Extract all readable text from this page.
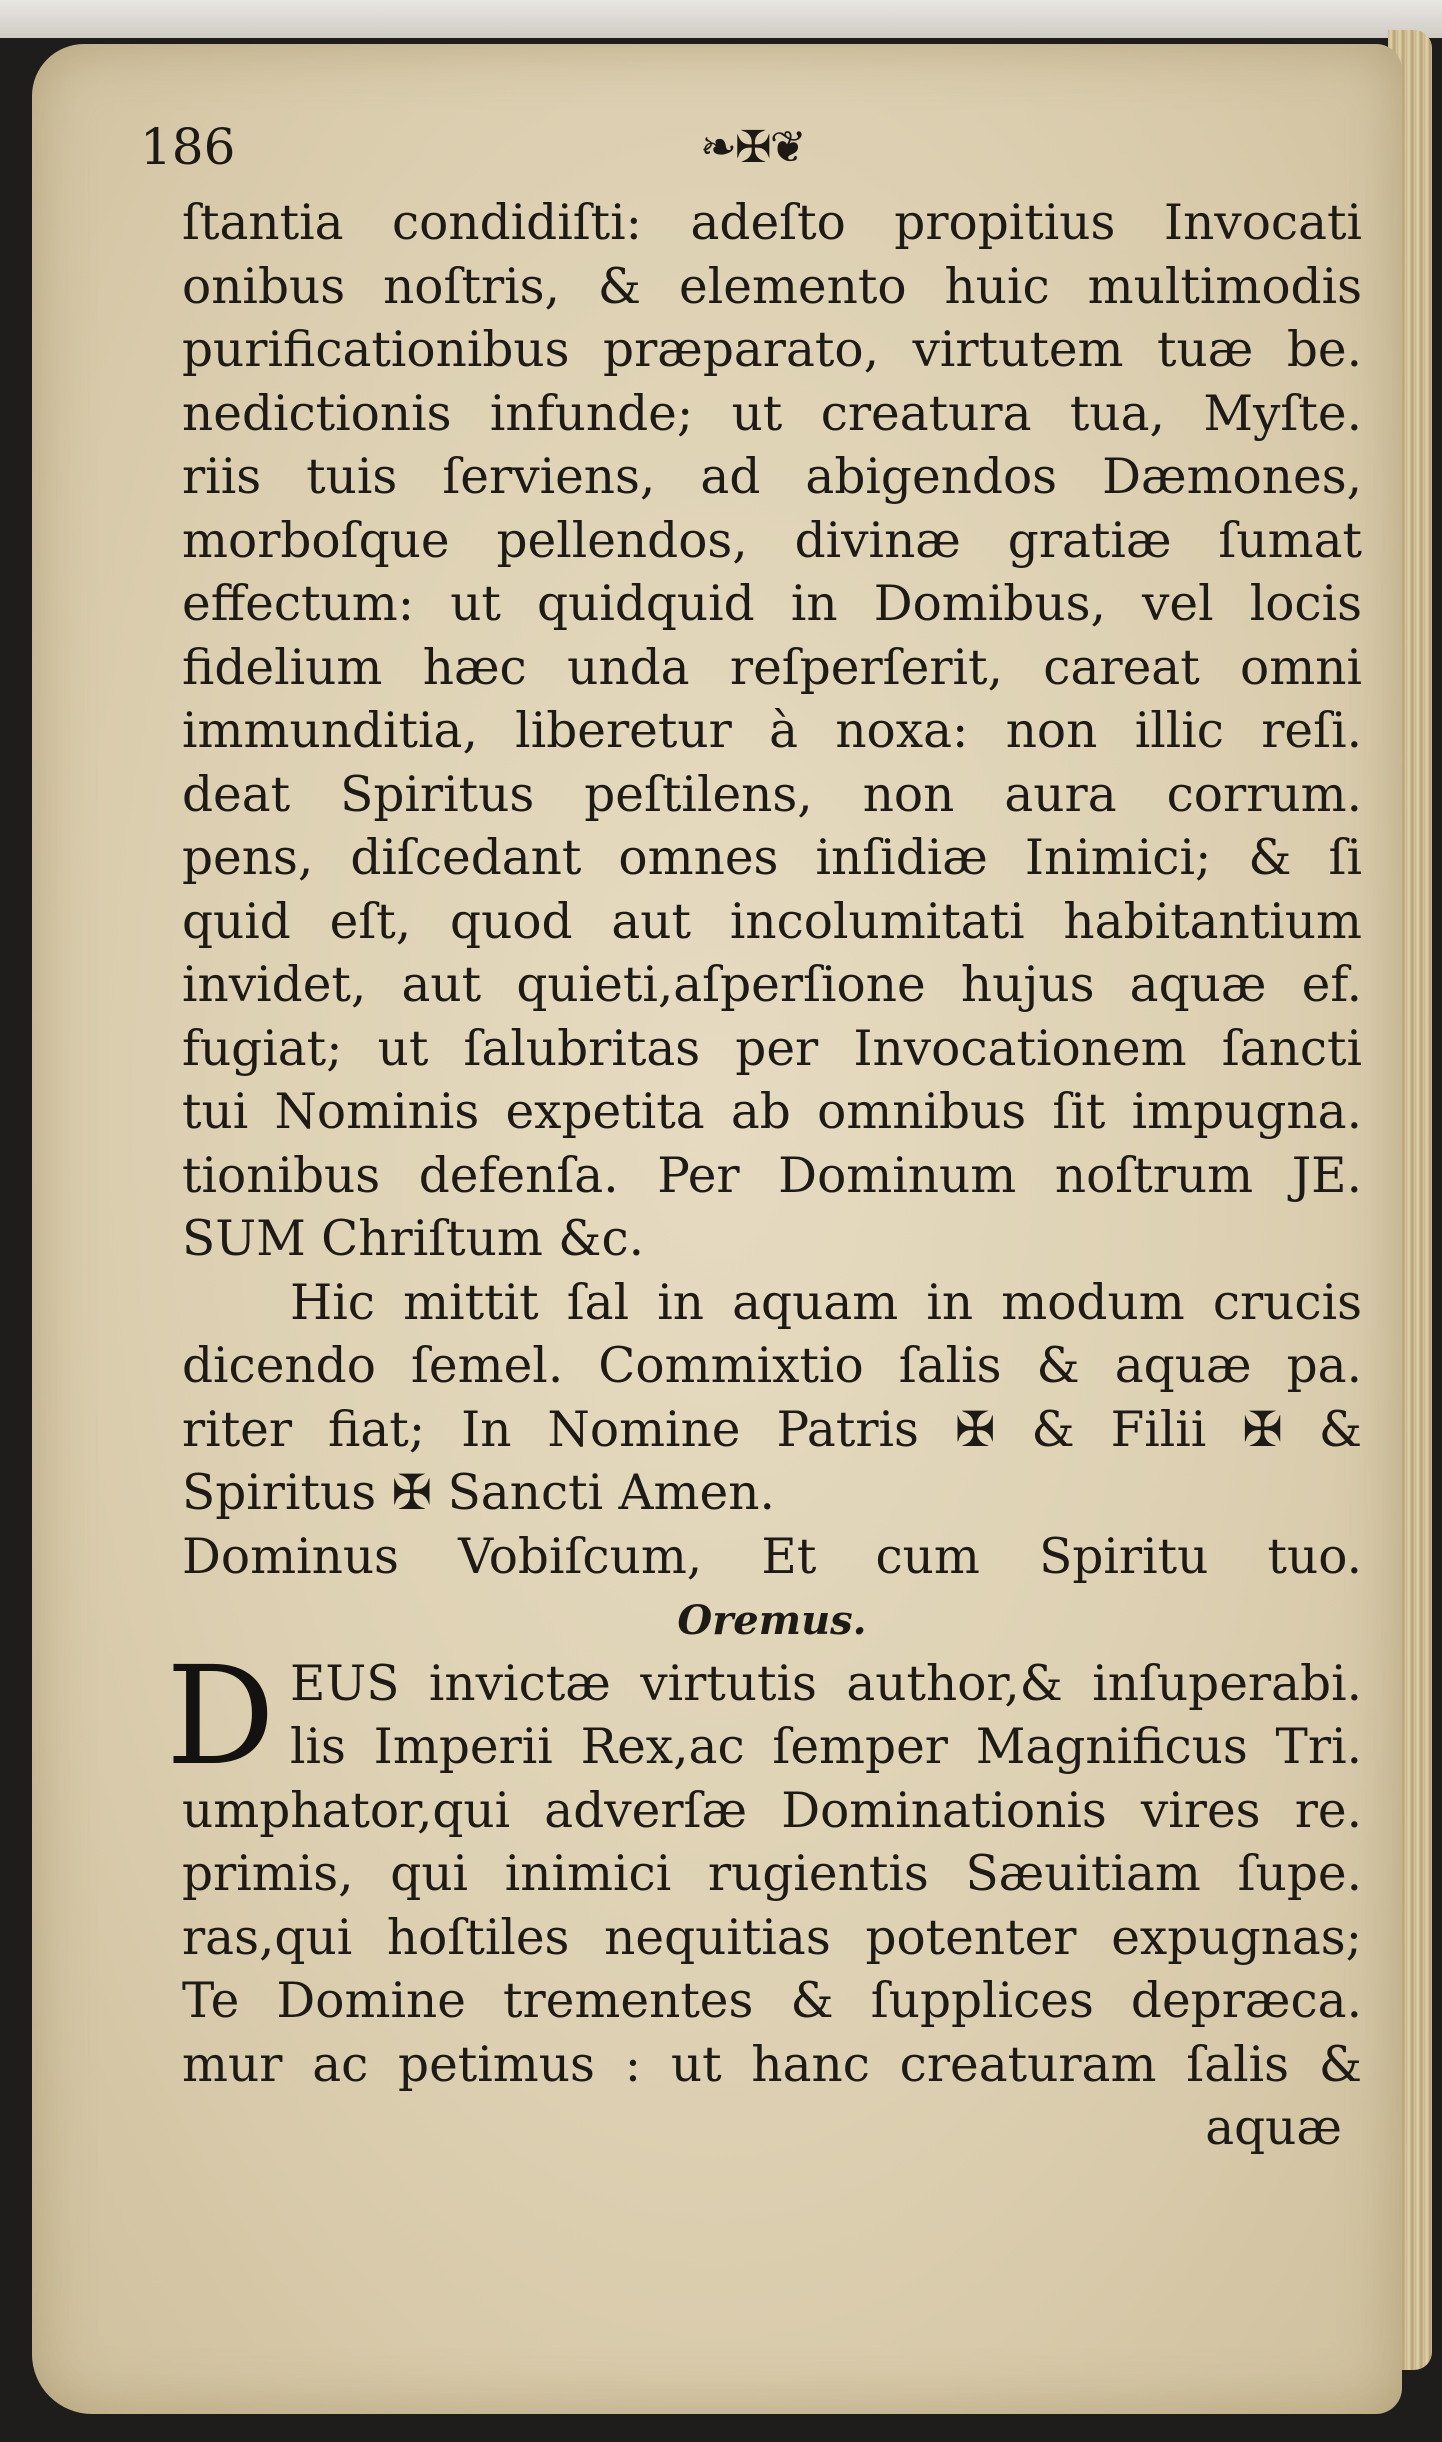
186	❧✠❦
ſtantia condidiſti: adeſto propitius Invocati
onibus noſtris, & elemento huic multimodis
purificationibus præparato, virtutem tuæ be.
nedictionis infunde; ut creatura tua, Myſte.
riis tuis ſerviens, ad abigendos Dæmones,
morboſque pellendos, divinæ gratiæ ſumat
effectum: ut quidquid in Domibus, vel locis
fidelium hæc unda reſperſerit, careat omni
immunditia, liberetur à noxa: non illic reſi.
deat Spiritus peſtilens, non aura corrum.
pens, diſcedant omnes inſidiæ Inimici; & ſi
quid eſt, quod aut incolumitati habitantium
invidet, aut quieti,aſperſione hujus aquæ ef.
fugiat; ut ſalubritas per Invocationem ſancti
tui Nominis expetita ab omnibus ſit impugna.
tionibus defenſa. Per Dominum noſtrum JE.
SUM Chriſtum &c.
Hic mittit ſal in aquam in modum crucis
dicendo ſemel. Commixtio ſalis & aquæ pa.
riter fiat; In Nomine Patris ✠ & Filii ✠ &
Spiritus ✠ Sancti Amen.
Dominus Vobiſcum, Et cum Spiritu tuo.
Oremus.
D EUS invictæ virtutis author,& inſuperabi.
lis Imperii Rex,ac ſemper Magnificus Tri.
umphator,qui adverſæ Dominationis vires re.
primis, qui inimici rugientis Sæuitiam ſupe.
ras,qui hoſtiles nequitias potenter expugnas;
Te Domine trementes & ſupplices depræca.
mur ac petimus : ut hanc creaturam ſalis &
aquæ
